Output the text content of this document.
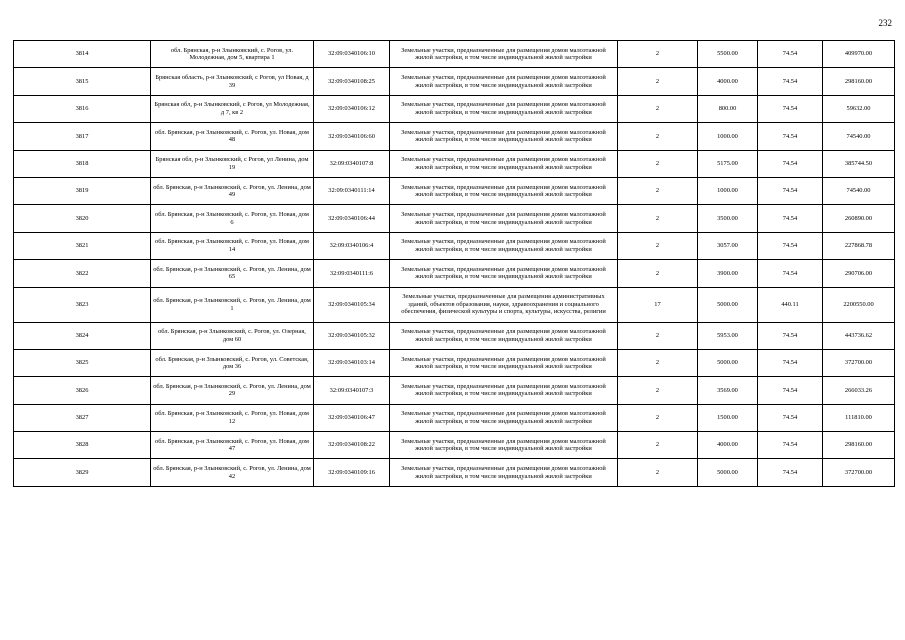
232
3814	обл. Брянская, р-н Злынковский, с. Рогов, ул. Молодежная, дом 5, квартира 1	32:09:0340106:10	Земельные участки, предназначенные для размещения домов малоэтажной жилой застройки, в том числе индивидуальной жилой застройки	2	5500.00	74.54	409970.00
3815	Брянская область, р-н Злынковский, с Рогов, ул Новая, д 39	32:09:0340108:25	Земельные участки, предназначенные для размещения домов малоэтажной жилой застройки, в том числе индивидуальной жилой застройки	2	4000.00	74.54	298160.00
3816	Брянская обл, р-н Злынковский, с Рогов, ул Молодежная, д 7, кв 2	32:09:0340106:12	Земельные участки, предназначенные для размещения домов малоэтажной жилой застройки, в том числе индивидуальной жилой застройки	2	800.00	74.54	59632.00
3817	обл. Брянская, р-н Злынковский, с. Рогов, ул. Новая, дом 48	32:09:0340106:60	Земельные участки, предназначенные для размещения домов малоэтажной жилой застройки, в том числе индивидуальной жилой застройки	2	1000.00	74.54	74540.00
3818	Брянская обл, р-н Злынковский, с Рогов, ул Ленина, дом 19	32:09:0340107:8	Земельные участки, предназначенные для размещения домов малоэтажной жилой застройки, в том числе индивидуальной жилой застройки	2	5175.00	74.54	385744.50
3819	обл. Брянская, р-н Злынковский, с. Рогов, ул. Ленина, дом 49	32:09:0340111:14	Земельные участки, предназначенные для размещения домов малоэтажной жилой застройки, в том числе индивидуальной жилой застройки	2	1000.00	74.54	74540.00
3820	обл. Брянская, р-н Злынковский, с. Рогов, ул. Новая, дом 6	32:09:0340106:44	Земельные участки, предназначенные для размещения домов малоэтажной жилой застройки, в том числе индивидуальной жилой застройки	2	3500.00	74.54	260890.00
3821	обл. Брянская, р-н Злынковский, с. Рогов, ул. Новая, дом 14	32:09:0340106:4	Земельные участки, предназначенные для размещения домов малоэтажной жилой застройки, в том числе индивидуальной жилой застройки	2	3057.00	74.54	227868.78
3822	обл. Брянская, р-н Злынковский, с. Рогов, ул. Ленина, дом 65	32:09:0340111:6	Земельные участки, предназначенные для размещения домов малоэтажной жилой застройки, в том числе индивидуальной жилой застройки	2	3900.00	74.54	290706.00
3823	обл. Брянская, р-н Злынковский, с. Рогов, ул. Ленина, дом 1	32:09:0340105:34	Земельные участки, предназначенные для размещения административных зданий, объектов образования, науки, здравоохранения и социального обеспечения, физической культуры и спорта, культуры, искусства, религии	17	5000.00	440.11	2200550.00
3824	обл. Брянская, р-н Злынковский, с. Рогов, ул. Озерная, дом 60	32:09:0340105:32	Земельные участки, предназначенные для размещения домов малоэтажной жилой застройки, в том числе индивидуальной жилой застройки	2	5953.00	74.54	443736.62
3825	обл. Брянская, р-н Злынковский, с. Рогов, ул. Советская, дом 36	32:09:0340103:14	Земельные участки, предназначенные для размещения домов малоэтажной жилой застройки, в том числе индивидуальной жилой застройки	2	5000.00	74.54	372700.00
3826	обл. Брянская, р-н Злынковский, с. Рогов, ул. Ленина, дом 29	32:09:0340107:3	Земельные участки, предназначенные для размещения домов малоэтажной жилой застройки, в том числе индивидуальной жилой застройки	2	3569.00	74.54	266033.26
3827	обл. Брянская, р-н Злынковский, с. Рогов, ул. Новая, дом 12	32:09:0340106:47	Земельные участки, предназначенные для размещения домов малоэтажной жилой застройки, в том числе индивидуальной жилой застройки	2	1500.00	74.54	111810.00
3828	обл. Брянская, р-н Злынковский, с. Рогов, ул. Новая, дом 47	32:09:0340108:22	Земельные участки, предназначенные для размещения домов малоэтажной жилой застройки, в том числе индивидуальной жилой застройки	2	4000.00	74.54	298160.00
3829	обл. Брянская, р-н Злынковский, с. Рогов, ул. Ленина, дом 42	32:09:0340109:16	Земельные участки, предназначенные для размещения домов малоэтажной жилой застройки, в том числе индивидуальной жилой застройки	2	5000.00	74.54	372700.00
